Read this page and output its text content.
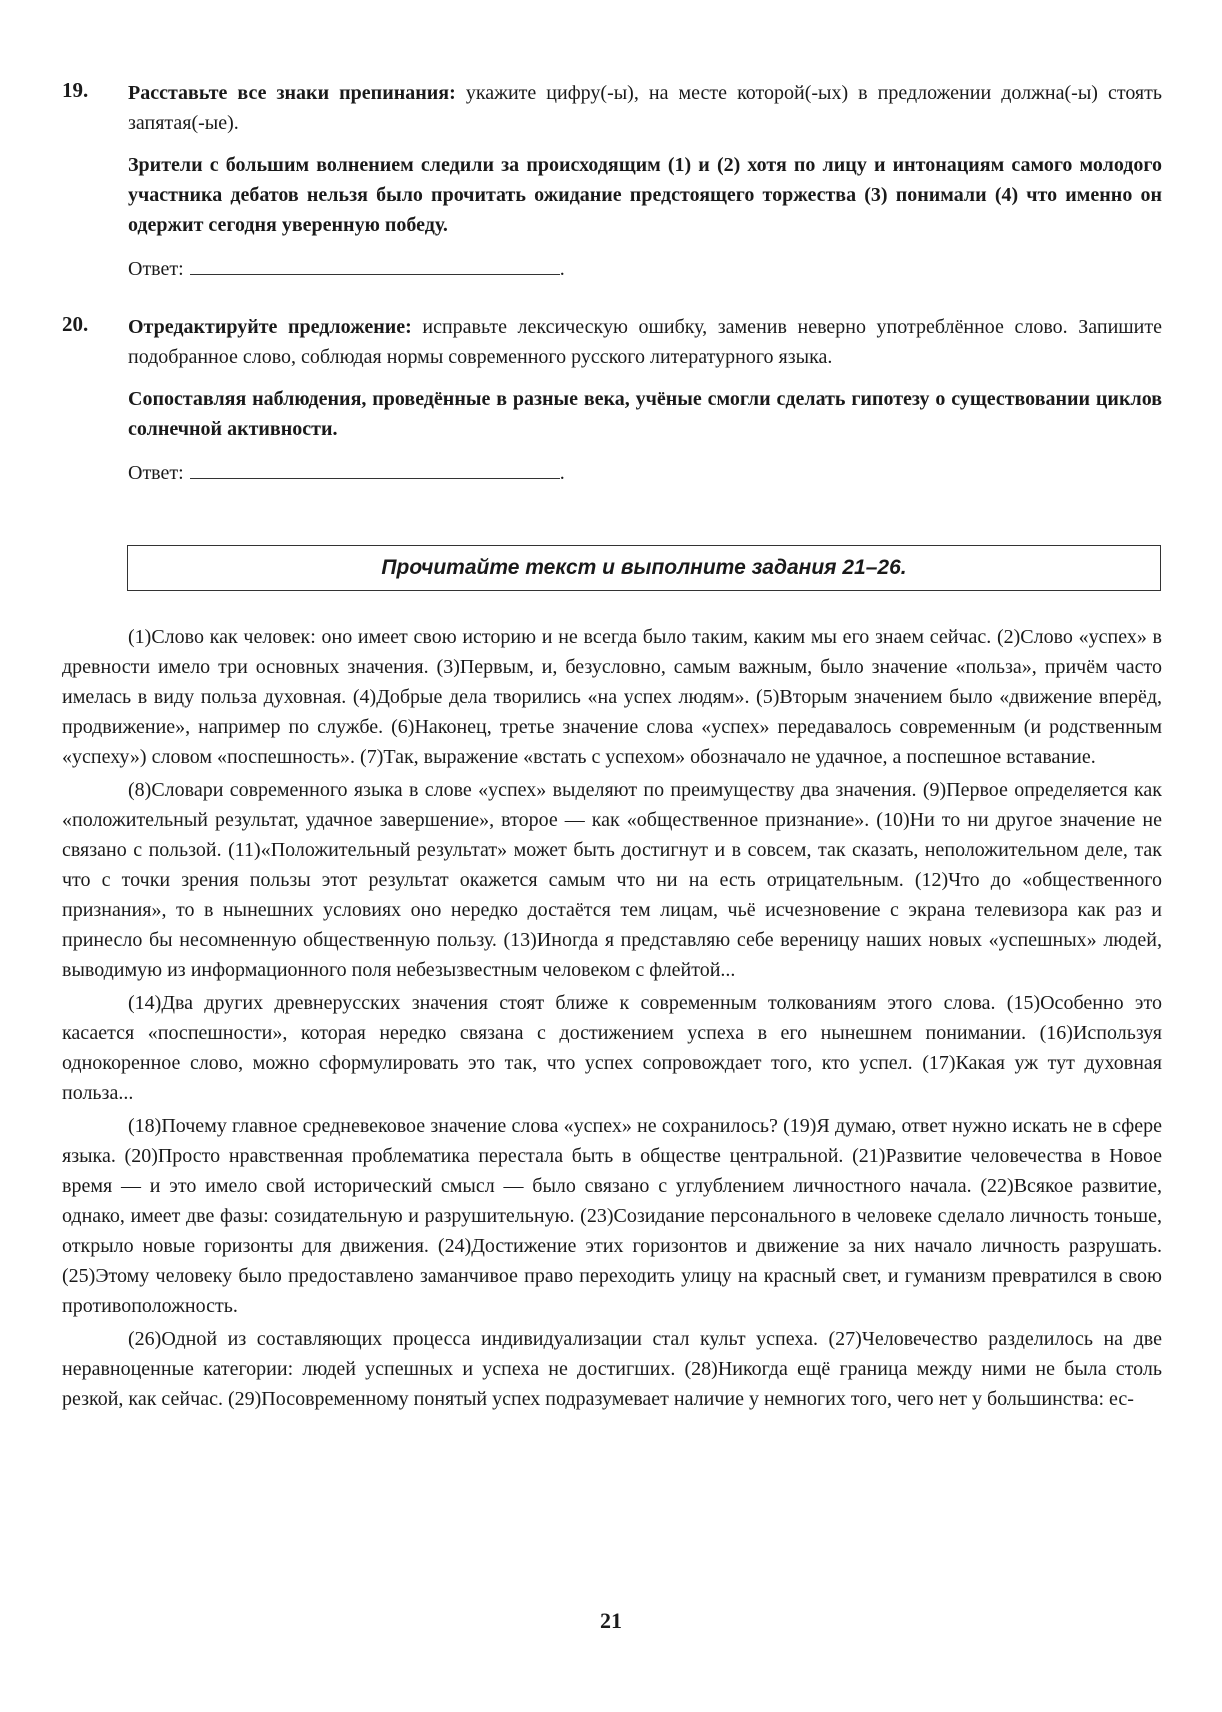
19. Расставьте все знаки препинания: укажите цифру(-ы), на месте которой(-ых) в предложении должна(-ы) стоять запятая(-ые).
Зрители с большим волнением следили за происходящим (1) и (2) хотя по лицу и интонациям самого молодого участника дебатов нельзя было прочитать ожидание предстоящего торжества (3) понимали (4) что именно он одержит сегодня уверенную победу.
Ответ:	.
20. Отредактируйте предложение: исправьте лексическую ошибку, заменив неверно употреблённое слово. Запишите подобранное слово, соблюдая нормы современного русского литературного языка.
Сопоставляя наблюдения, проведённые в разные века, учёные смогли сделать гипотезу о существовании циклов солнечной активности.
Ответ:	.
Прочитайте текст и выполните задания 21–26.

(1)Слово как человек: оно имеет свою историю и не всегда было таким, каким мы его знаем сейчас. (2)Слово «успех» в древности имело три основных значения. (3)Первым, и, безусловно, самым важным, было значение «польза», причём часто имелась в виду польза духовная. (4)Добрые дела творились «на успех людям». (5)Вторым значением было «движение вперёд, продвижение», например по службе. (6)Наконец, третье значение слова «успех» передавалось современным (и родственным «успеху») словом «поспешность». (7)Так, выражение «встать с успехом» обозначало не удачное, а поспешное вставание.

(8)Словари современного языка в слове «успех» выделяют по преимуществу два значения. (9)Первое определяется как «положительный результат, удачное завершение», второе — как «общественное признание». (10)Ни то ни другое значение не связано с пользой. (11)«Положительный результат» может быть достигнут и в совсем, так сказать, неположительном деле, так что с точки зрения пользы этот результат окажется самым что ни на есть отрицательным. (12)Что до «общественного признания», то в нынешних условиях оно нередко достаётся тем лицам, чьё исчезновение с экрана телевизора как раз и принесло бы несомненную общественную пользу. (13)Иногда я представляю себе вереницу наших новых «успешных» людей, выводимую из информационного поля небезызвестным человеком с флейтой...

(14)Два других древнерусских значения стоят ближе к современным толкованиям этого слова. (15)Особенно это касается «поспешности», которая нередко связана с достижением успеха в его нынешнем понимании. (16)Используя однокоренное слово, можно сформулировать это так, что успех сопровождает того, кто успел. (17)Какая уж тут духовная польза...

(18)Почему главное средневековое значение слова «успех» не сохранилось? (19)Я думаю, ответ нужно искать не в сфере языка. (20)Просто нравственная проблематика перестала быть в обществе центральной. (21)Развитие человечества в Новое время — и это имело свой исторический смысл — было связано с углублением личностного начала. (22)Всякое развитие, однако, имеет две фазы: созидательную и разрушительную. (23)Созидание персонального в человеке сделало личность тоньше, открыло новые горизонты для движения. (24)Достижение этих горизонтов и движение за них начало личность разрушать. (25)Этому человеку было предоставлено заманчивое право переходить улицу на красный свет, и гуманизм превратился в свою противоположность.

(26)Одной из составляющих процесса индивидуализации стал культ успеха. (27)Человечество разделилось на две неравноценные категории: людей успешных и успеха не достигших. (28)Никогда ещё граница между ними не была столь резкой, как сейчас. (29)Посовременному понятый успех подразумевает наличие у немногих того, чего нет у большинства: ес-

21
